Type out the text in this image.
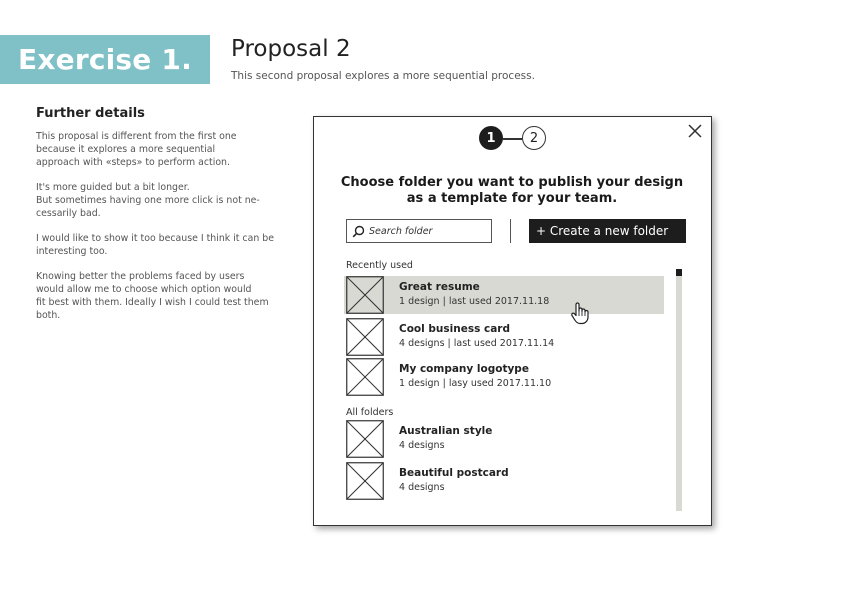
Exercise 1.	Proposal 2
This second proposal explores a more sequential process.
Further details

This proposal is different from the first one
because it explores a more sequential
approach with «steps» to perform action.

It's more guided but a bit longer.
But sometimes having one more click is not ne-
cessarily bad.

I would like to show it too because I think it can be
interesting too.

Knowing better the problems faced by users
would allow me to choose which option would
fit best with them. Ideally I wish I could test them
both.

1	2
Choose folder you want to publish your design
as a template for your team.
Search folder
+ Create a new folder
Recently used
Great resume
1 design | last used 2017.11.18
Cool business card
4 designs | last used 2017.11.14
My company logotype
1 design | lasy used 2017.11.10
All folders
Australian style
4 designs
Beautiful postcard
4 designs
